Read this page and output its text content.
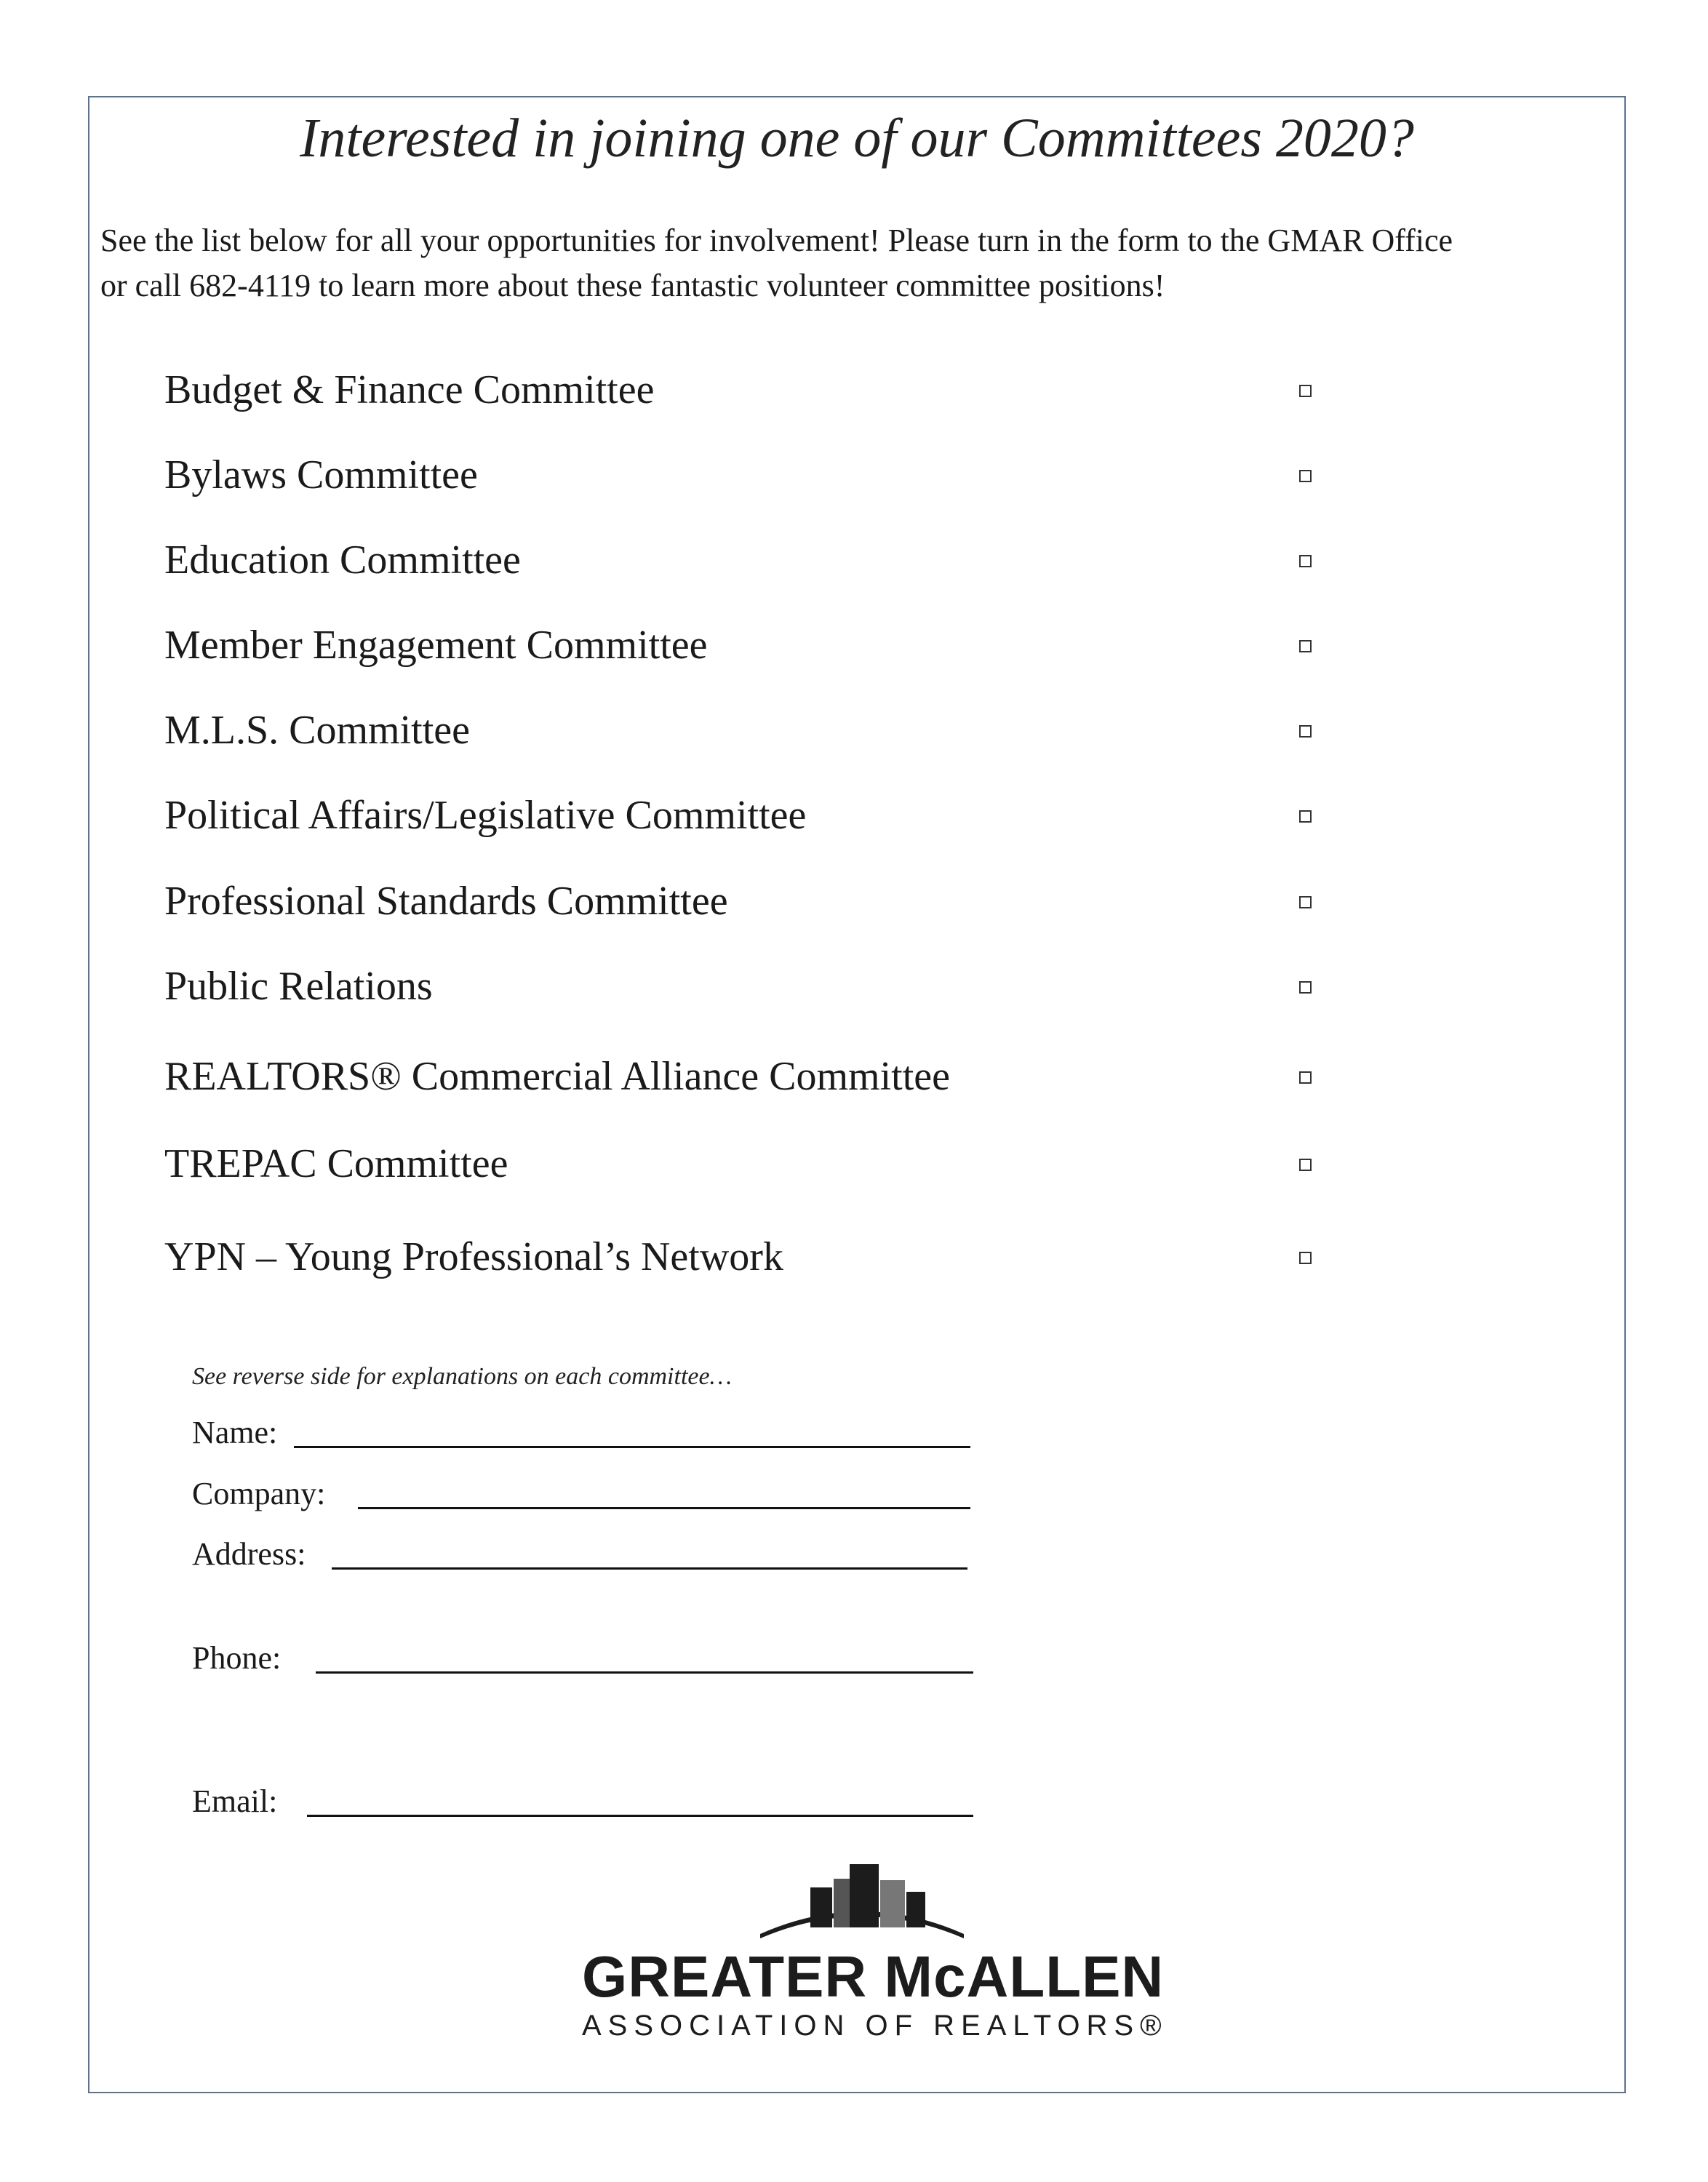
Interested in joining one of our Committees 2020?
See the list below for all your opportunities for involvement! Please turn in the form to the GMAR Office
or call 682-4119 to learn more about these fantastic volunteer committee positions!
Budget & Finance Committee
Bylaws Committee
Education Committee
Member Engagement Committee
M.L.S. Committee
Political Affairs/Legislative Committee
Professional Standards Committee
Public Relations
REALTORS® Commercial Alliance Committee
TREPAC Committee
YPN – Young Professional’s Network
See reverse side for explanations on each committee…
Name:
Company:
Address:
Phone:
Email:
GREATER McALLEN
ASSOCIATION OF REALTORS®
